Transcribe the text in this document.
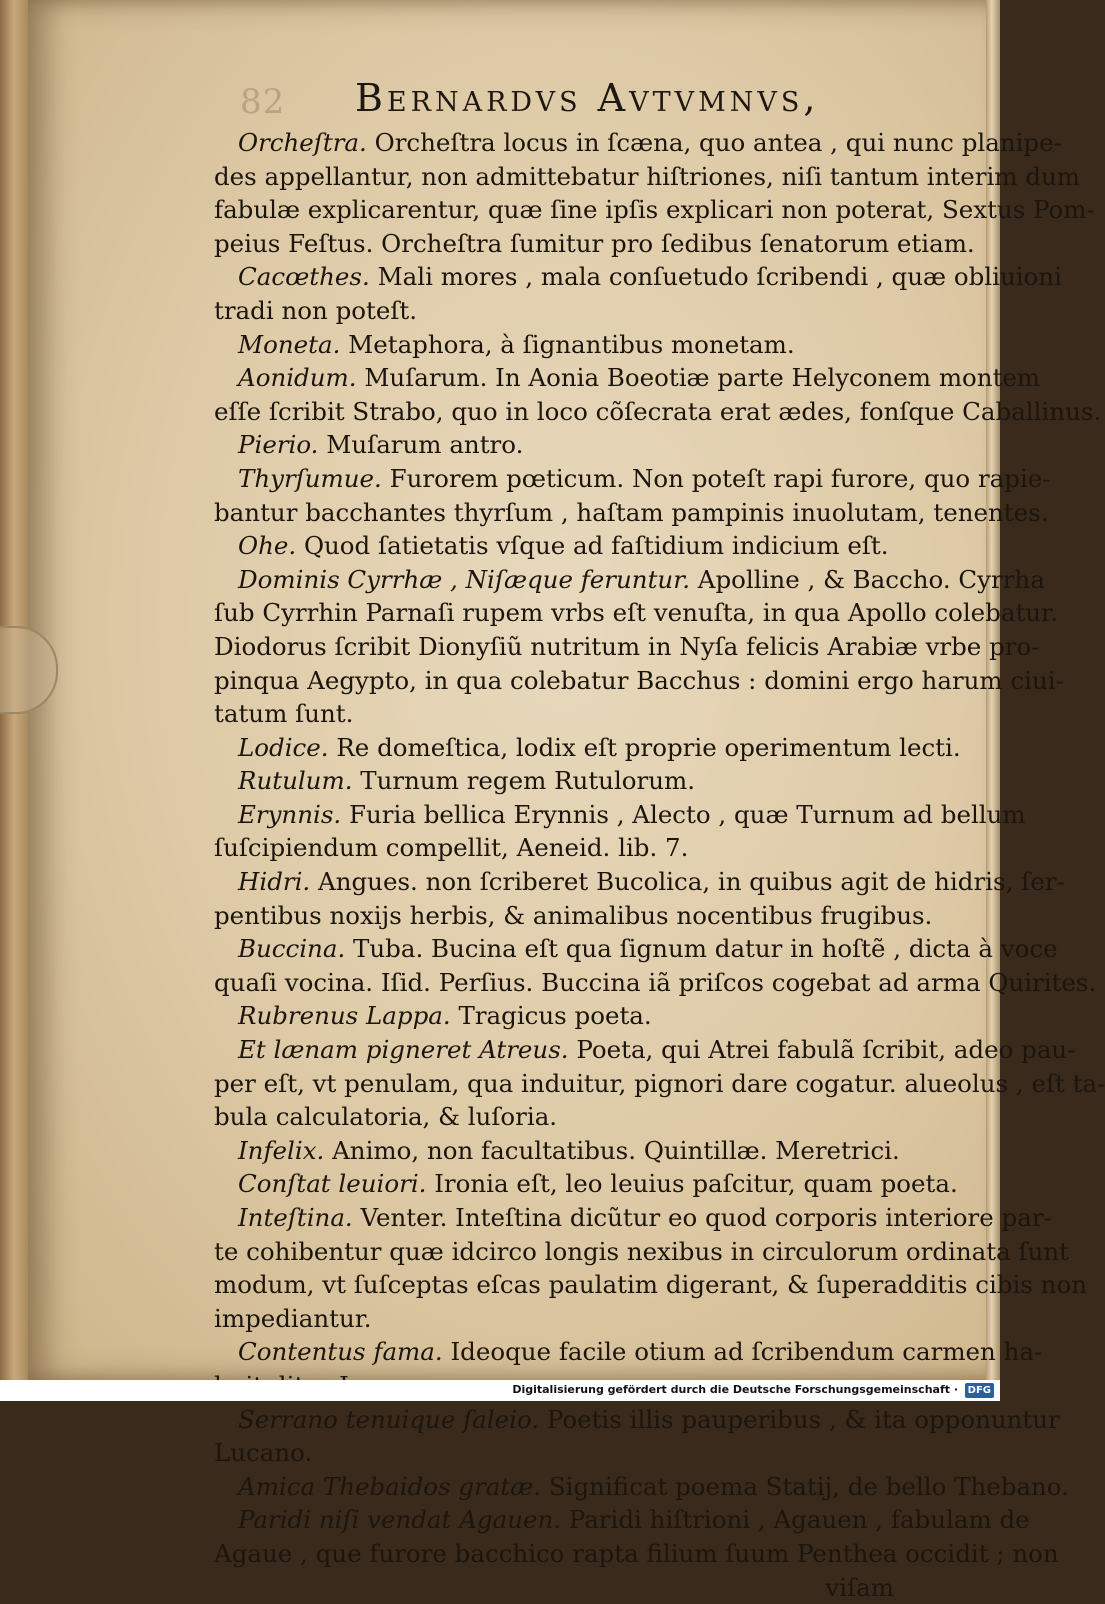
82 Bernardvs Avtvmnvs,
Orcheſtra. Orcheſtra locus in ſcæna, quo antea , qui nunc planipe-
des appellantur, non admittebatur hiſtriones, niſi tantum interim dum
fabulæ explicarentur, quæ ſine ipſis explicari non poterat, Sextus Pom-
peius Feſtus. Orcheſtra ſumitur pro ſedibus ſenatorum etiam.
Cacœthes. Mali mores , mala conſuetudo ſcribendi , quæ obliuioni
tradi non poteſt.
Moneta. Metaphora, à ſignantibus monetam.
Aonidum. Muſarum. In Aonia Boeotiæ parte Helyconem montem
eſſe ſcribit Strabo, quo in loco cõſecrata erat ædes, fonſque Caballinus.
Pierio. Muſarum antro.
Thyrſumue. Furorem pœticum. Non poteſt rapi furore, quo rapie-
bantur bacchantes thyrſum , haſtam pampinis inuolutam, tenentes.
Ohe. Quod ſatietatis vſque ad faſtidium indicium eſt.
Dominis Cyrrhæ , Niſæque feruntur. Apolline , & Baccho. Cyrrha
ſub Cyrrhin Parnaſi rupem vrbs eſt venuſta, in qua Apollo colebatur.
Diodorus ſcribit Dionyſiũ nutritum in Nyſa felicis Arabiæ vrbe pro-
pinqua Aegypto, in qua colebatur Bacchus : domini ergo harum ciui-
tatum ſunt.
Lodice. Re domeſtica, lodix eſt proprie operimentum lecti.
Rutulum. Turnum regem Rutulorum.
Erynnis. Furia bellica Erynnis , Alecto , quæ Turnum ad bellum
ſuſcipiendum compellit, Aeneid. lib. 7.
Hidri. Angues. non ſcriberet Bucolica, in quibus agit de hidris, ſer-
pentibus noxijs herbis, & animalibus nocentibus frugibus.
Buccina. Tuba. Bucina eſt qua ſignum datur in hoſtẽ , dicta à voce
quaſi vocina. Iſid. Perſius. Buccina iã priſcos cogebat ad arma Quirites.
Rubrenus Lappa. Tragicus poeta.
Et lænam pigneret Atreus. Poeta, qui Atrei fabulã ſcribit, adeo pau-
per eſt, vt penulam, qua induitur, pignori dare cogatur. alueolus , eſt ta-
bula calculatoria, & luſoria.
Infelix. Animo, non facultatibus. Quintillæ. Meretrici.
Conſtat leuiori. Ironia eſt, leo leuius paſcitur, quam poeta.
Inteſtina. Venter. Inteſtina dicũtur eo quod corporis interiore par-
te cohibentur quæ idcirco longis nexibus in circulorum ordinata ſunt
modum, vt ſuſceptas eſcas paulatim digerant, & ſuperadditis cibis non
impediantur.
Contentus fama. Ideoque facile otium ad ſcribendum carmen ha-
Serrano tenuique ſaleio. Poetis illis pauperibus , & ita opponuntur
Lucano.
Amica Thebaidos gratæ. Significat poema Statij, de bello Thebano.
Paridi niſi vendat Agauen. Paridi hiſtrioni , Agauen , fabulam de
Agaue , que furore bacchico rapta filium ſuum Penthea occidit ; non
viſam
Digitalisierung gefördert durch die Deutsche Forschungsgemeinschaft · DFG
